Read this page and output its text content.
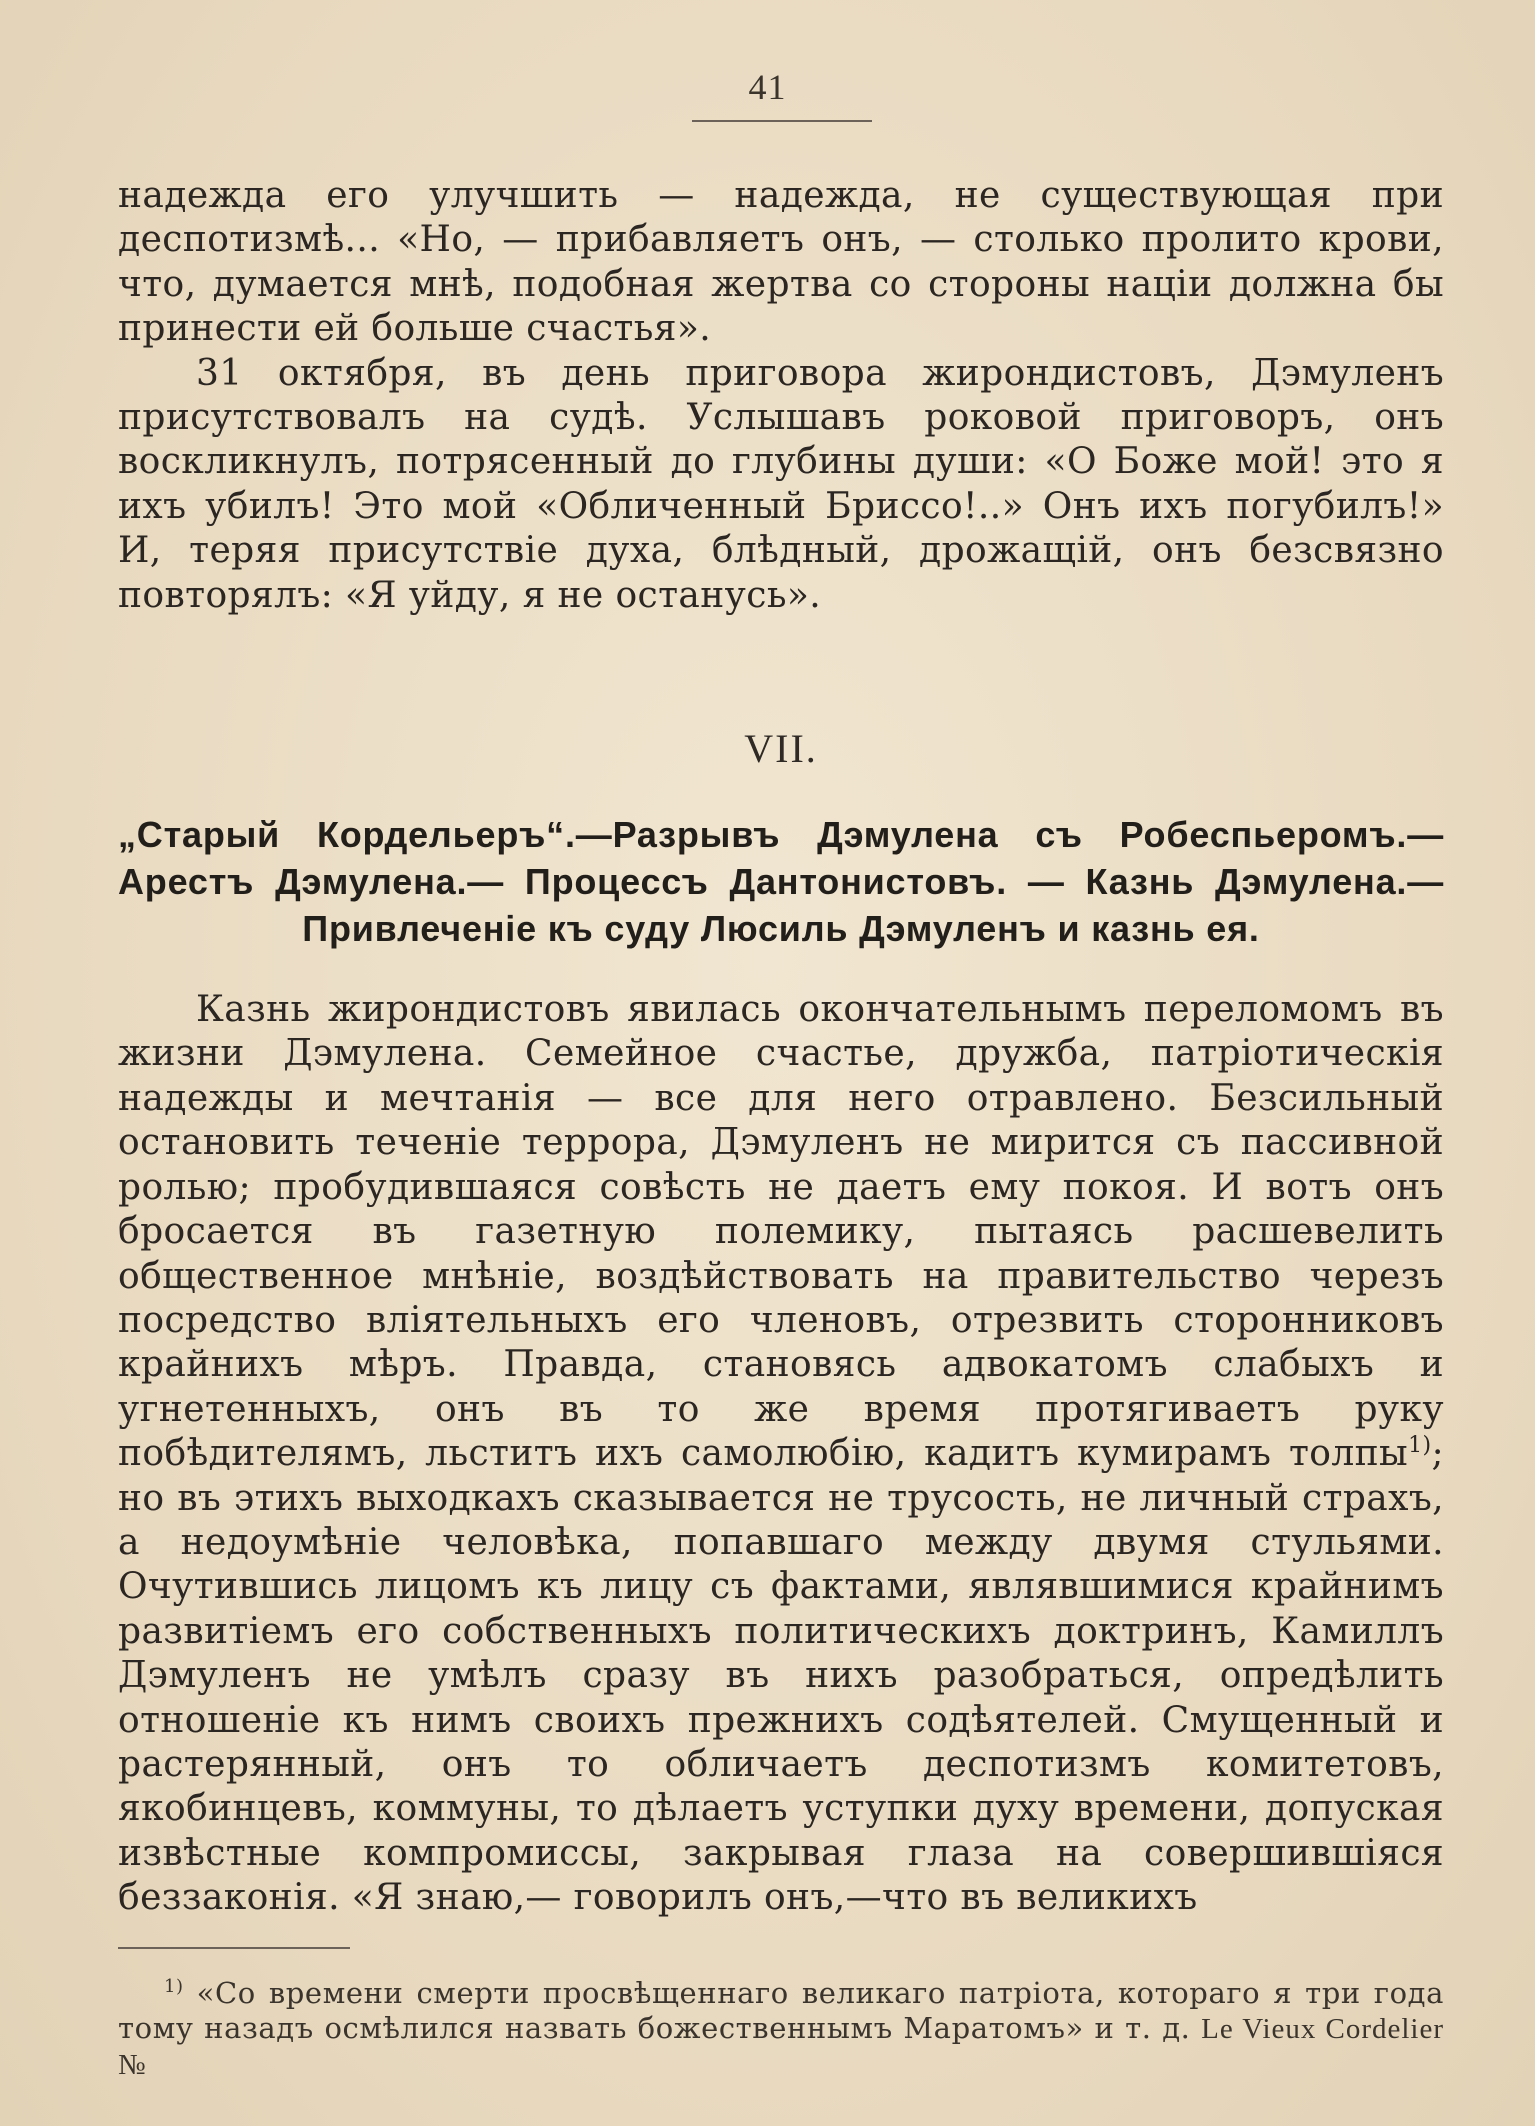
41

надежда его улучшить — надежда, не существующая при деспотизмѣ... «Но, — прибавляетъ онъ, — столько пролито крови, что, думается мнѣ, подобная жертва со стороны націи должна бы принести ей больше счастья».

31 октября, въ день приговора жирондистовъ, Дэмуленъ присутствовалъ на судѣ. Услышавъ роковой приговоръ, онъ воскликнулъ, потрясенный до глубины души: «О Боже мой! это я ихъ убилъ! Это мой «Обличенный Бриссо!..» Онъ ихъ погубилъ!» И, теряя присутствіе духа, блѣдный, дрожащій, онъ безсвязно повторялъ: «Я уйду, я не останусь».

VII.

„Старый Кордельеръ“.—Разрывъ Дэмулена съ Робеспьеромъ.—Арестъ Дэмулена.— Процессъ Дантонистовъ. — Казнь Дэмулена.—Привлеченіе къ суду Люсиль Дэмуленъ и казнь ея.

Казнь жирондистовъ явилась окончательнымъ переломомъ въ жизни Дэмулена. Семейное счастье, дружба, патріотическія надежды и мечтанія — все для него отравлено. Безсильный остановить теченіе террора, Дэмуленъ не мирится съ пассивной ролью; пробудившаяся совѣсть не даетъ ему покоя. И вотъ онъ бросается въ газетную полемику, пытаясь расшевелить общественное мнѣніе, воздѣйствовать на правительство черезъ посредство вліятельныхъ его членовъ, отрезвить сторонниковъ крайнихъ мѣръ. Правда, становясь адвокатомъ слабыхъ и угнетенныхъ, онъ въ то же время протягиваетъ руку побѣдителямъ, льститъ ихъ самолюбію, кадитъ кумирамъ толпы$^{1)}$; но въ этихъ выходкахъ сказывается не трусость, не личный страхъ, а недоумѣніе человѣка, попавшаго между двумя стульями. Очутившись лицомъ къ лицу съ фактами, являвшимися крайнимъ развитіемъ его собственныхъ политическихъ доктринъ, Камиллъ Дэмуленъ не умѣлъ сразу въ нихъ разобраться, опредѣлить отношеніе къ нимъ своихъ прежнихъ содѣятелей. Смущенный и растерянный, онъ то обличаетъ деспотизмъ комитетовъ, якобинцевъ, коммуны, то дѣлаетъ уступки духу времени, допуская извѣстные компромиссы, закрывая глаза на совершившіяся беззаконія. «Я знаю,— говорилъ онъ,—что въ великихъ

$^{1)}$ «Со времени смерти просвѣщеннаго великаго патріота, котораго я три года тому назадъ осмѣлился назвать божественнымъ Маратомъ» и т. д. Le Vieux Cordelier №
